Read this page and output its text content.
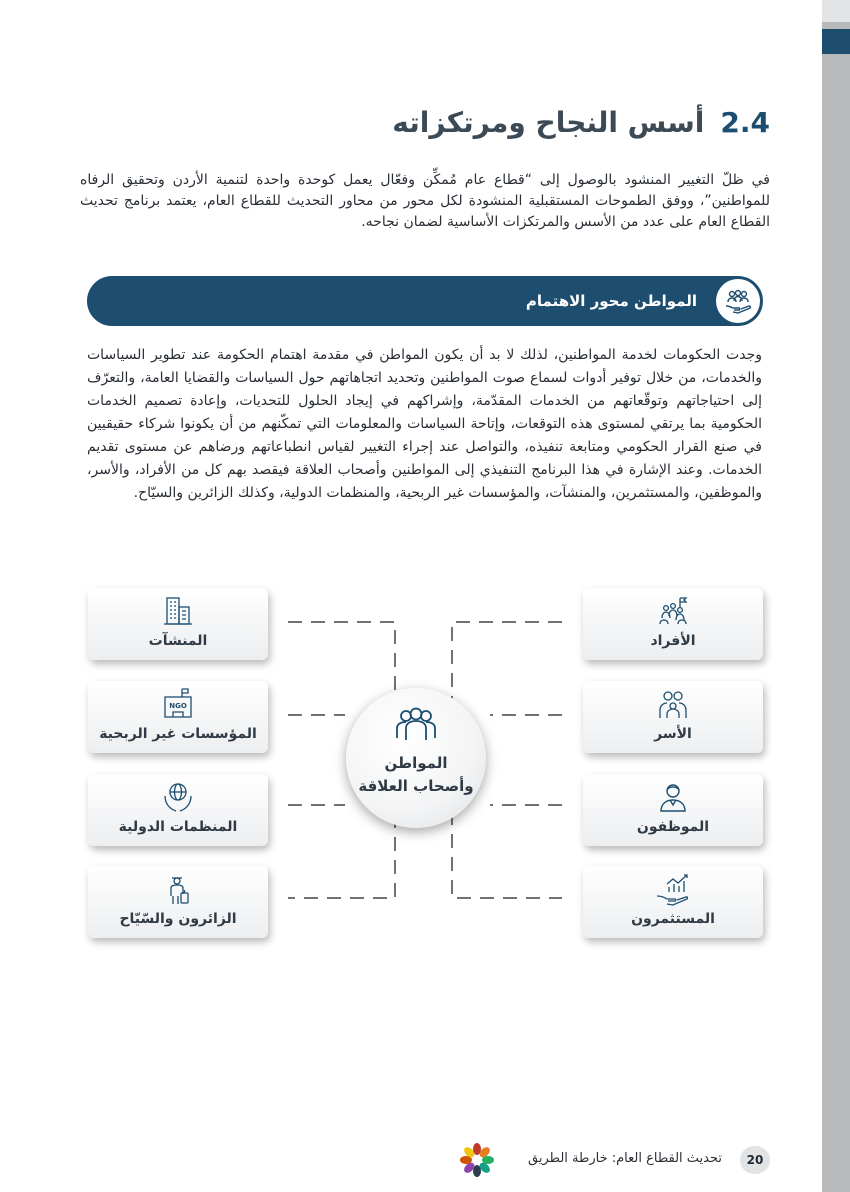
2.4أسس النجاح ومرتكزاته

في ظلّ التغيير المنشود بالوصول إلى “قطاع عام مُمكِّن وفعّال يعمل كوحدة واحدة لتنمية الأردن وتحقيق الرفاه للمواطنين”، ووفق الطموحات المستقبلية المنشودة لكل محور من محاور التحديث للقطاع العام، يعتمد برنامج تحديث القطاع العام على عدد من الأسس والمرتكزات الأساسية لضمان نجاحه.

المواطن محور الاهتمام

وجدت الحكومات لخدمة المواطنين، لذلك لا بد أن يكون المواطن في مقدمة اهتمام الحكومة عند تطوير السياسات والخدمات، من خلال توفير أدوات لسماع صوت المواطنين وتحديد اتجاهاتهم حول السياسات والقضايا العامة، والتعرّف إلى احتياجاتهم وتوقّعاتهم من الخدمات المقدّمة، وإشراكهم في إيجاد الحلول للتحديات، وإعادة تصميم الخدمات الحكومية بما يرتقي لمستوى هذه التوقعات، وإتاحة السياسات والمعلومات التي تمكّنهم من أن يكونوا شركاء حقيقيين في صنع القرار الحكومي ومتابعة تنفيذه، والتواصل عند إجراء التغيير لقياس انطباعاتهم ورضاهم عن مستوى تقديم الخدمات. وعند الإشارة في هذا البرنامج التنفيذي إلى المواطنين وأصحاب العلاقة فيقصد بهم كل من الأفراد، والأسر، والموظفين، والمستثمرين، والمنشآت، والمؤسسات غير الربحية، والمنظمات الدولية، وكذلك الزائرين والسيّاح.

الأفراد
الأسر
الموظفون
المستثمرون
المنشآت
NGO
المؤسسات غير الربحية
المنظمات الدولية
الزائرون والسّيّاح
المواطن وأصحاب العلاقة
20
تحديث القطاع العام: خارطة الطريق
